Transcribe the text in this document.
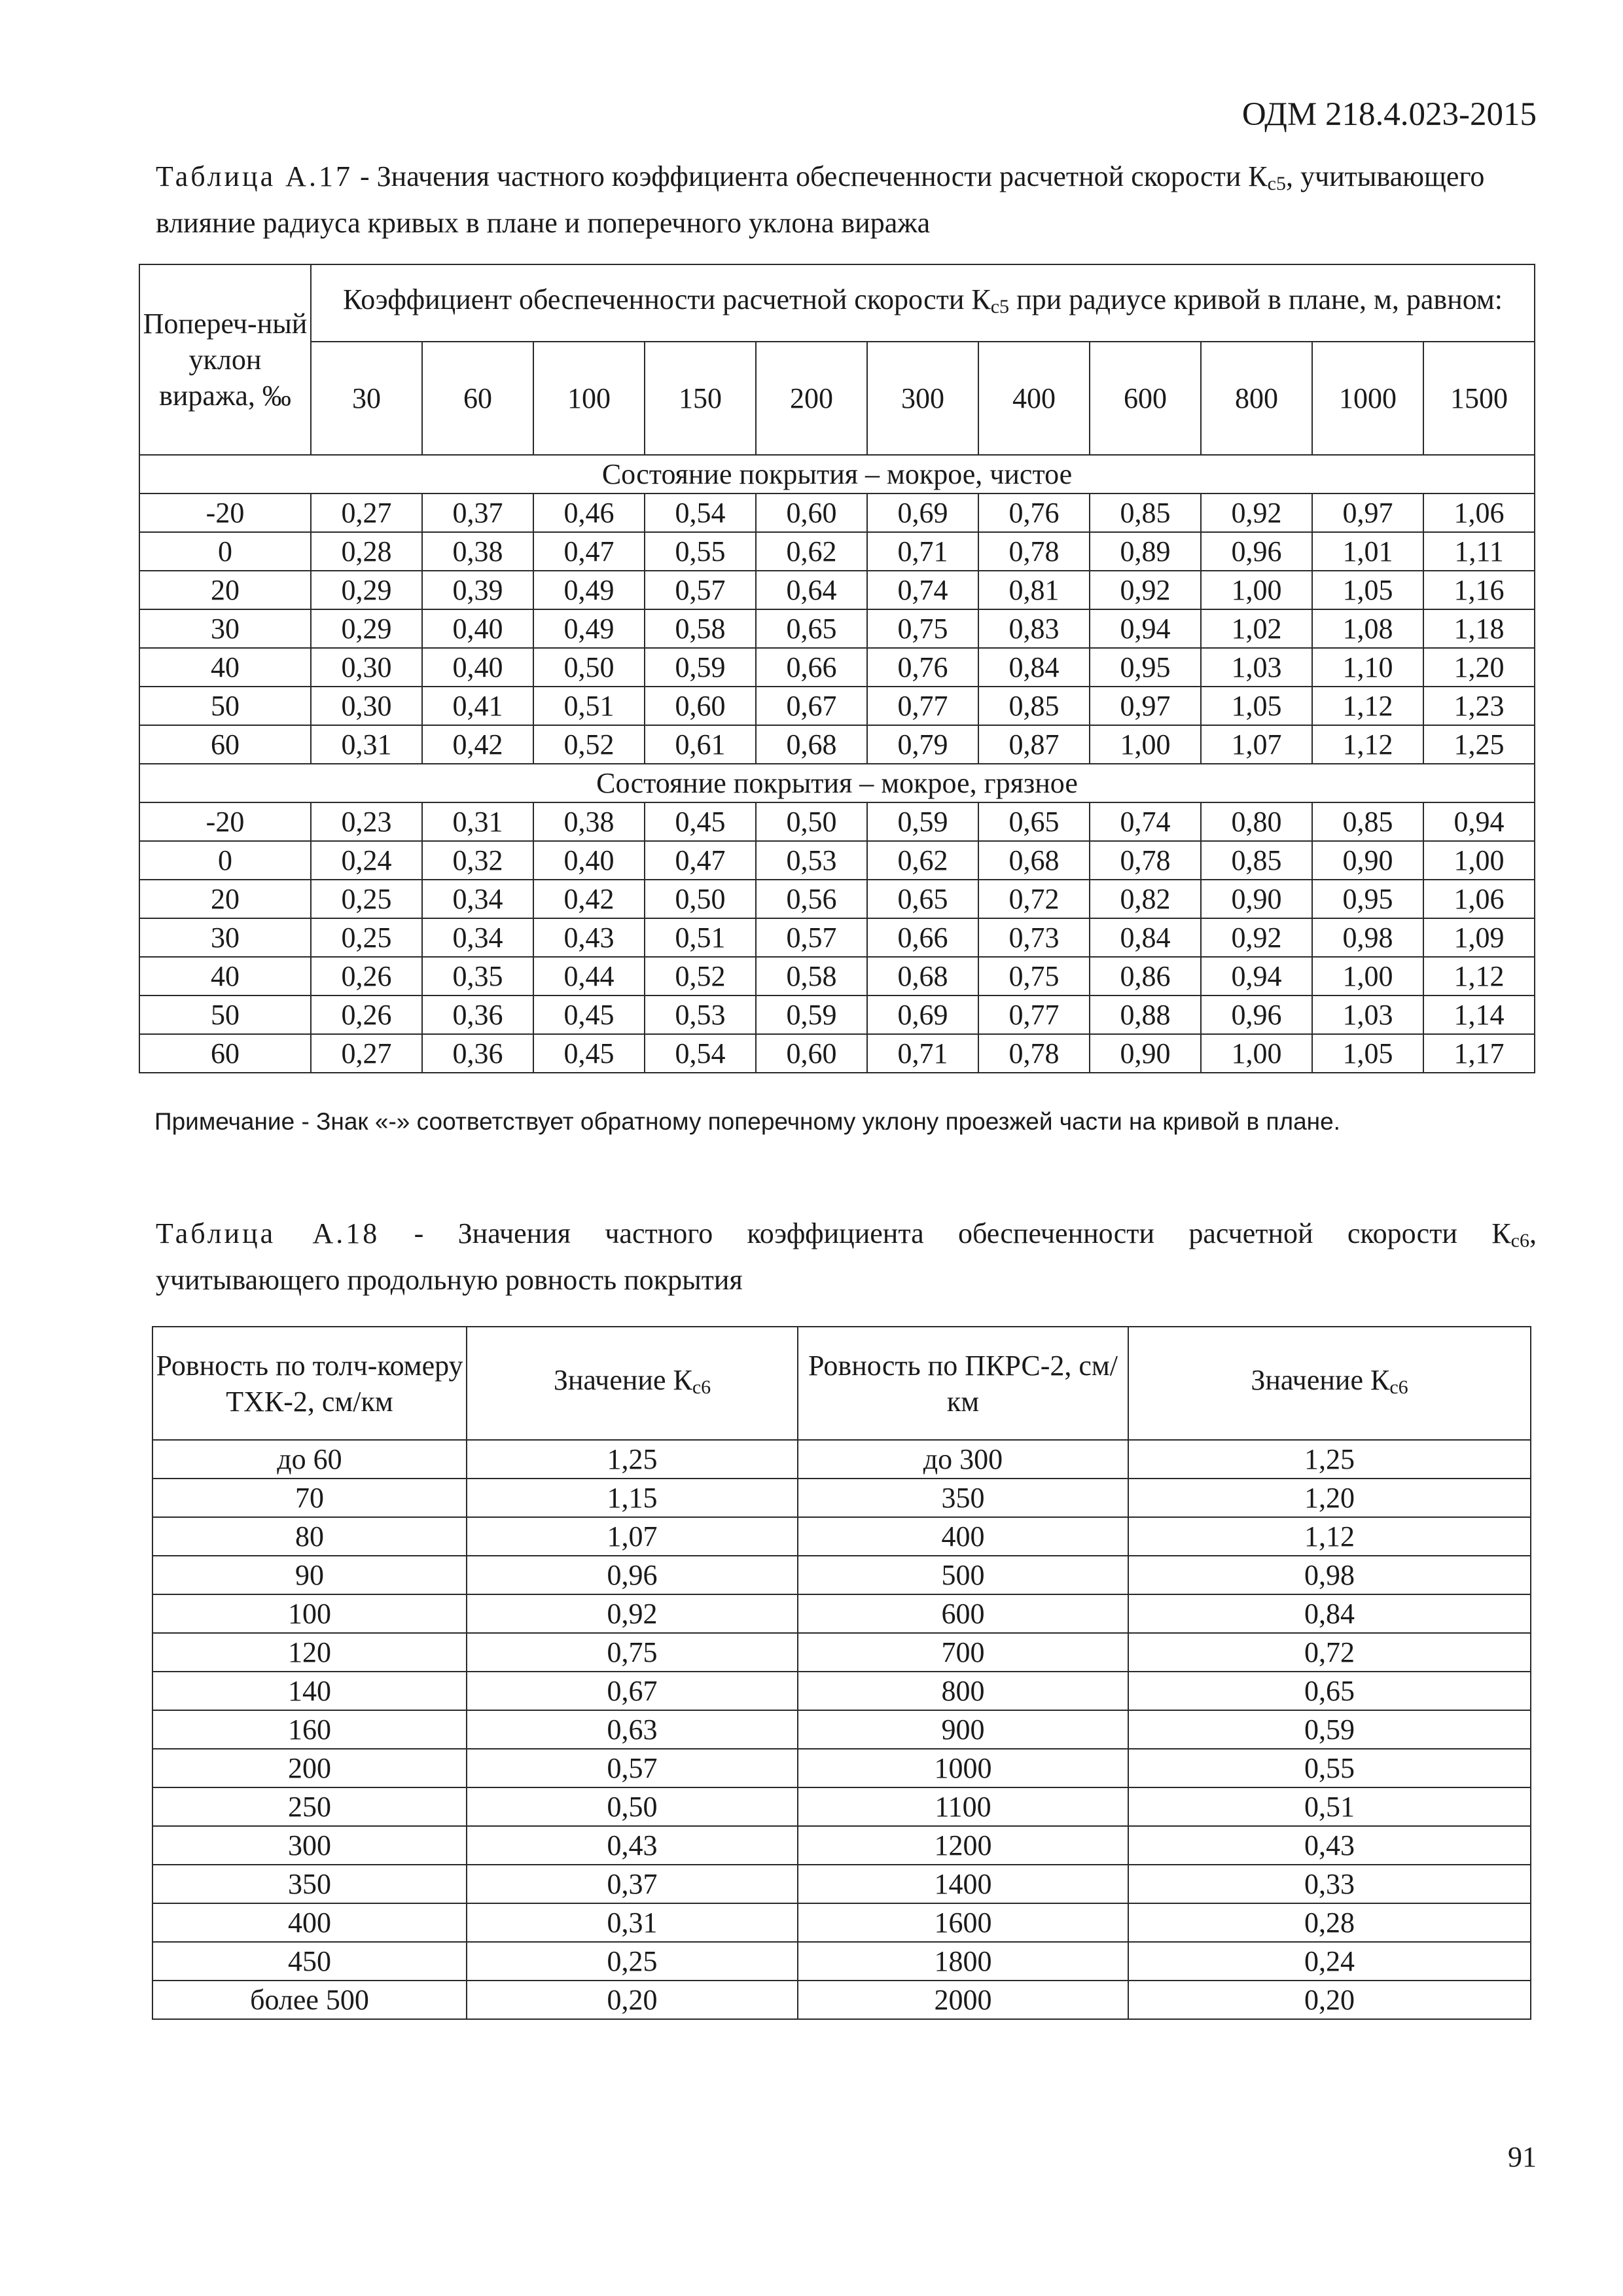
ОДМ 218.4.023-2015
Таблица А.17 - Значения частного коэффициента обеспеченности расчетной скорости $К_{с5}$, учитывающего влияние радиуса кривых в плане и поперечного уклона виража
Попереч-ный уклон виража, ‰	Коэффициент обеспеченности расчетной скорости $К_{с5}$ при радиусе кривой в плане, м, равном:										
	30	60	100	150	200	300	400	600	800	1000	1500
Состояние покрытия – мокрое, чистое											
-20	0,27	0,37	0,46	0,54	0,60	0,69	0,76	0,85	0,92	0,97	1,06
0	0,28	0,38	0,47	0,55	0,62	0,71	0,78	0,89	0,96	1,01	1,11
20	0,29	0,39	0,49	0,57	0,64	0,74	0,81	0,92	1,00	1,05	1,16
30	0,29	0,40	0,49	0,58	0,65	0,75	0,83	0,94	1,02	1,08	1,18
40	0,30	0,40	0,50	0,59	0,66	0,76	0,84	0,95	1,03	1,10	1,20
50	0,30	0,41	0,51	0,60	0,67	0,77	0,85	0,97	1,05	1,12	1,23
60	0,31	0,42	0,52	0,61	0,68	0,79	0,87	1,00	1,07	1,12	1,25
Состояние покрытия – мокрое, грязное											
-20	0,23	0,31	0,38	0,45	0,50	0,59	0,65	0,74	0,80	0,85	0,94
0	0,24	0,32	0,40	0,47	0,53	0,62	0,68	0,78	0,85	0,90	1,00
20	0,25	0,34	0,42	0,50	0,56	0,65	0,72	0,82	0,90	0,95	1,06
30	0,25	0,34	0,43	0,51	0,57	0,66	0,73	0,84	0,92	0,98	1,09
40	0,26	0,35	0,44	0,52	0,58	0,68	0,75	0,86	0,94	1,00	1,12
50	0,26	0,36	0,45	0,53	0,59	0,69	0,77	0,88	0,96	1,03	1,14
60	0,27	0,36	0,45	0,54	0,60	0,71	0,78	0,90	1,00	1,05	1,17
Примечание - Знак «-» соответствует обратному поперечному уклону проезжей части на кривой в плане.
Таблица А.18 - Значения частного коэффициента обеспеченности расчетной скорости $К_{с6}$,
учитывающего продольную ровность покрытия
Ровность по толч-комеру ТХК-2, см/км	Значение $К_{с6}$	Ровность по ПКРС-2, см/км	Значение $К_{с6}$
до 60	1,25	до 300	1,25
70	1,15	350	1,20
80	1,07	400	1,12
90	0,96	500	0,98
100	0,92	600	0,84
120	0,75	700	0,72
140	0,67	800	0,65
160	0,63	900	0,59
200	0,57	1000	0,55
250	0,50	1100	0,51
300	0,43	1200	0,43
350	0,37	1400	0,33
400	0,31	1600	0,28
450	0,25	1800	0,24
более 500	0,20	2000	0,20
91
